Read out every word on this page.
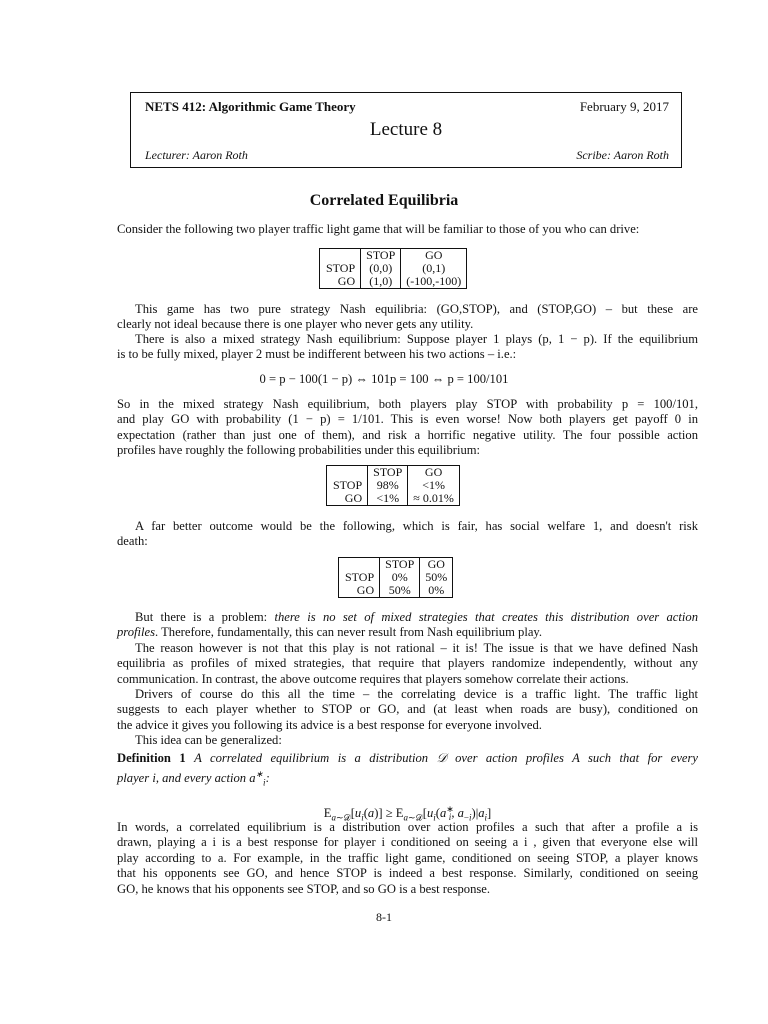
NETS 412: Algorithmic Game Theory	February 9, 2017
Lecture 8
Lecturer: Aaron Roth	Scribe: Aaron Roth
Correlated Equilibria
Consider the following two player traffic light game that will be familiar to those of you who can drive:
	STOP	GO
STOP	(0,0)	(0,1)
GO	(1,0)	(-100,-100)
This game has two pure strategy Nash equilibria: (GO,STOP), and (STOP,GO) – but these are
clearly not ideal because there is one player who never gets any utility.
There is also a mixed strategy Nash equilibrium: Suppose player 1 plays (p, 1 − p). If the equilibrium
is to be fully mixed, player 2 must be indifferent between his two actions – i.e.:
0 = p − 100(1 − p) ⇔ 101p = 100 ⇔ p = 100/101
So in the mixed strategy Nash equilibrium, both players play STOP with probability p = 100/101,
and play GO with probability (1 − p) = 1/101. This is even worse! Now both players get payoff 0 in
expectation (rather than just one of them), and risk a horrific negative utility. The four possible action
profiles have roughly the following probabilities under this equilibrium:
	STOP	GO
STOP	98%	<1%
GO	<1%	≈ 0.01%
A far better outcome would be the following, which is fair, has social welfare 1, and doesn't risk
death:
	STOP	GO
STOP	0%	50%
GO	50%	0%
But there is a problem: there is no set of mixed strategies that creates this distribution over action
profiles. Therefore, fundamentally, this can never result from Nash equilibrium play.
The reason however is not that this play is not rational – it is! The issue is that we have defined Nash
equilibria as profiles of mixed strategies, that require that players randomize independently, without any
communication. In contrast, the above outcome requires that players somehow correlate their actions.
Drivers of course do this all the time – the correlating device is a traffic light. The traffic light
suggests to each player whether to STOP or GO, and (at least when roads are busy), conditioned on
the advice it gives you following its advice is a best response for everyone involved.
This idea can be generalized:
Definition 1 A correlated equilibrium is a distribution 𝒟 over action profiles A such that for every
player i, and every action $a^∗_i$:
$E_{a\sim 𝒟}[u_i(a)] \ge E_{a\sim 𝒟}[u_i(a^∗_i$, $a_{-i})|a_i$]
In words, a correlated equilibrium is a distribution over action profiles a such that after a profile a is
drawn, playing a i is a best response for player i conditioned on seeing a i , given that everyone else will
play according to a. For example, in the traffic light game, conditioned on seeing STOP, a player knows
that his opponents see GO, and hence STOP is indeed a best response. Similarly, conditioned on seeing
GO, he knows that his opponents see STOP, and so GO is a best response.
8-1
